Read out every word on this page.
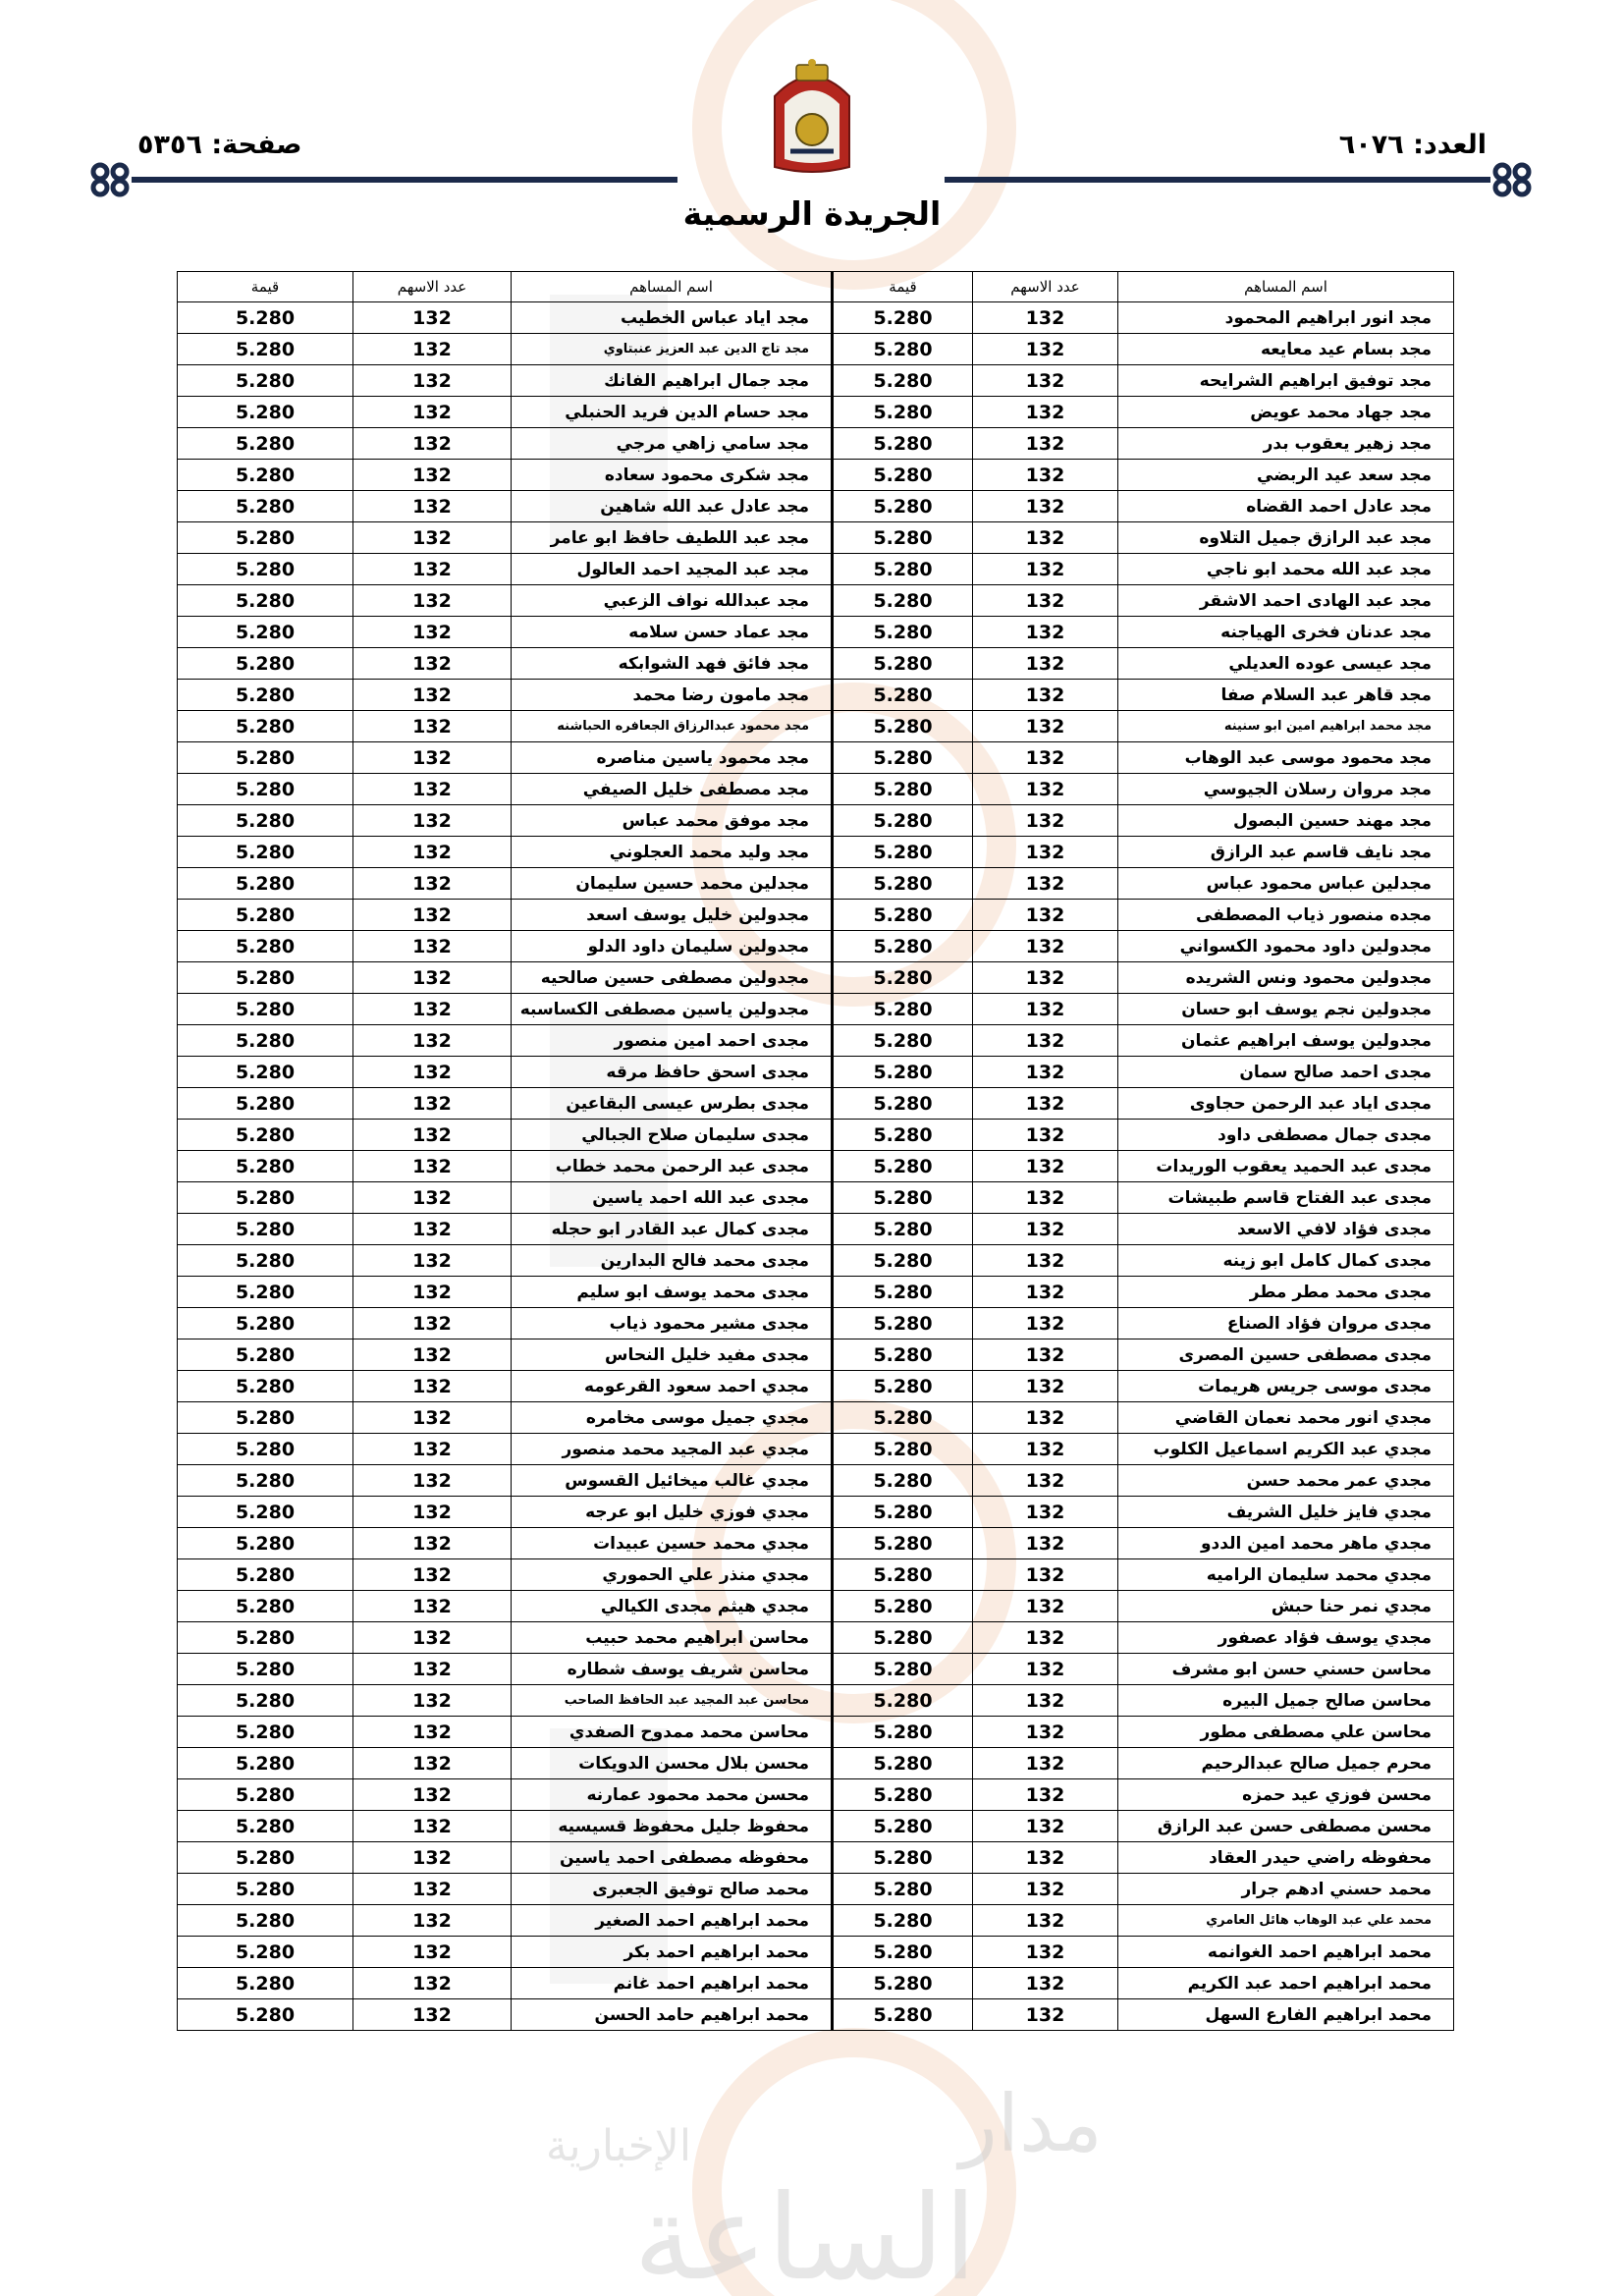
مدار
الإخبارية
الساعة
العدد: ٦٠٧٦
صفحة: ٥٣٥٦
الجريدة الرسمية
اسم المساهم	عدد الاسهم	قيمة	اسم المساهم	عدد الاسهم	قيمة
مجد انور ابراهيم المحمود	132	5.280	مجد اياد عباس الخطيب	132	5.280
مجد بسام عيد معايعه	132	5.280	مجد تاج الدين عبد العزيز عنبتاوي	132	5.280
مجد توفيق ابراهيم الشرايحه	132	5.280	مجد جمال ابراهيم الفانك	132	5.280
مجد جهاد محمد عويض	132	5.280	مجد حسام الدين فريد الحنبلي	132	5.280
مجد زهير يعقوب بدر	132	5.280	مجد سامي زاهي مرجي	132	5.280
مجد سعد عيد الربضي	132	5.280	مجد شكرى محمود سعاده	132	5.280
مجد عادل احمد القضاه	132	5.280	مجد عادل عبد الله شاهين	132	5.280
مجد عبد الرازق جميل التلاوه	132	5.280	مجد عبد اللطيف حافظ ابو عامر	132	5.280
مجد عبد الله محمد ابو ناجي	132	5.280	مجد عبد المجيد احمد العالول	132	5.280
مجد عبد الهادى احمد الاشقر	132	5.280	مجد عبدالله نواف الزعبي	132	5.280
مجد عدنان فخرى الهياجنه	132	5.280	مجد عماد حسن سلامه	132	5.280
مجد عيسى عوده العديلي	132	5.280	مجد فائق فهد الشوابكه	132	5.280
مجد قاهر عبد السلام صفا	132	5.280	مجد مامون رضا محمد	132	5.280
مجد محمد ابراهيم امين ابو سنينه	132	5.280	مجد محمود عبدالرزاق الجعافره الحباشنه	132	5.280
مجد محمود موسى عبد الوهاب	132	5.280	مجد محمود ياسين مناصره	132	5.280
مجد مروان رسلان الجيوسي	132	5.280	مجد مصطفى خليل الصيفي	132	5.280
مجد مهند حسين البصول	132	5.280	مجد موفق محمد عباس	132	5.280
مجد نايف قاسم عبد الرازق	132	5.280	مجد وليد محمد العجلوني	132	5.280
مجدلين عباس محمود عباس	132	5.280	مجدلين محمد حسين سليمان	132	5.280
مجده منصور ذياب المصطفى	132	5.280	مجدولين خليل يوسف اسعد	132	5.280
مجدولين داود محمود الكسواني	132	5.280	مجدولين سليمان داود الدلو	132	5.280
مجدولين محمود ونس الشريده	132	5.280	مجدولين مصطفى حسين صالحيه	132	5.280
مجدولين نجم يوسف ابو حسان	132	5.280	مجدولين ياسين مصطفى الكساسبه	132	5.280
مجدولين يوسف ابراهيم عثمان	132	5.280	مجدى احمد امين منصور	132	5.280
مجدى احمد صالح سمان	132	5.280	مجدى اسحق حافظ مرقه	132	5.280
مجدى اياد عبد الرحمن حجاوى	132	5.280	مجدى بطرس عيسى البقاعين	132	5.280
مجدى جمال مصطفى داود	132	5.280	مجدى سليمان صلاح الجبالي	132	5.280
مجدى عبد الحميد يعقوب الوريدات	132	5.280	مجدى عبد الرحمن محمد خطاب	132	5.280
مجدى عبد الفتاح قاسم طبيشات	132	5.280	مجدى عبد الله احمد ياسين	132	5.280
مجدى فؤاد لافي الاسعد	132	5.280	مجدى كمال عبد القادر ابو حجله	132	5.280
مجدى كمال كامل ابو زينه	132	5.280	مجدى محمد فالح البدارين	132	5.280
مجدى محمد مطر مطر	132	5.280	مجدى محمد يوسف ابو سليم	132	5.280
مجدى مروان فؤاد الصناع	132	5.280	مجدى مشير محمود ذياب	132	5.280
مجدى مصطفى حسين المصرى	132	5.280	مجدى مفيد خليل النحاس	132	5.280
مجدى موسى جريس هريمات	132	5.280	مجدي احمد سعود القرعومه	132	5.280
مجدي انور محمد نعمان القاضي	132	5.280	مجدي جميل موسى مخامره	132	5.280
مجدي عبد الكريم اسماعيل الكلوب	132	5.280	مجدي عبد المجيد محمد منصور	132	5.280
مجدي عمر محمد حسن	132	5.280	مجدي غالب ميخائيل القسوس	132	5.280
مجدي فايز خليل الشريف	132	5.280	مجدي فوزي خليل ابو عرجه	132	5.280
مجدي ماهر محمد امين الددو	132	5.280	مجدي محمد حسين عبيدات	132	5.280
مجدي محمد سليمان الراميه	132	5.280	مجدي منذر علي الحموري	132	5.280
مجدي نمر حنا حبش	132	5.280	مجدي هيثم مجدى الكيالي	132	5.280
مجدي يوسف فؤاد عصفور	132	5.280	محاسن ابراهيم محمد حبيب	132	5.280
محاسن حسني حسن ابو مشرف	132	5.280	محاسن شريف يوسف شطاره	132	5.280
محاسن صالح جميل البيره	132	5.280	محاسن عبد المجيد عبد الحافظ الصاحب	132	5.280
محاسن علي مصطفى مطور	132	5.280	محاسن محمد ممدوح الصفدي	132	5.280
محرم جميل صالح عبدالرحيم	132	5.280	محسن بلال محسن الدويكات	132	5.280
محسن فوزي عيد حمزه	132	5.280	محسن محمد محمود عمارنه	132	5.280
محسن مصطفى حسن عبد الرازق	132	5.280	محفوظ جليل محفوظ قسيسيه	132	5.280
محفوظه راضي حيدر العقاد	132	5.280	محفوظه مصطفى احمد ياسين	132	5.280
محمد حسني ادهم جرار	132	5.280	محمد صالح توفيق الجعبرى	132	5.280
محمد علي عبد الوهاب هائل العامري	132	5.280	محمد ابراهيم احمد الصغير	132	5.280
محمد ابراهيم احمد الغوانمه	132	5.280	محمد ابراهيم احمد بكر	132	5.280
محمد ابراهيم احمد عبد الكريم	132	5.280	محمد ابراهيم احمد غانم	132	5.280
محمد ابراهيم الفارع السهل	132	5.280	محمد ابراهيم حامد الحسن	132	5.280
